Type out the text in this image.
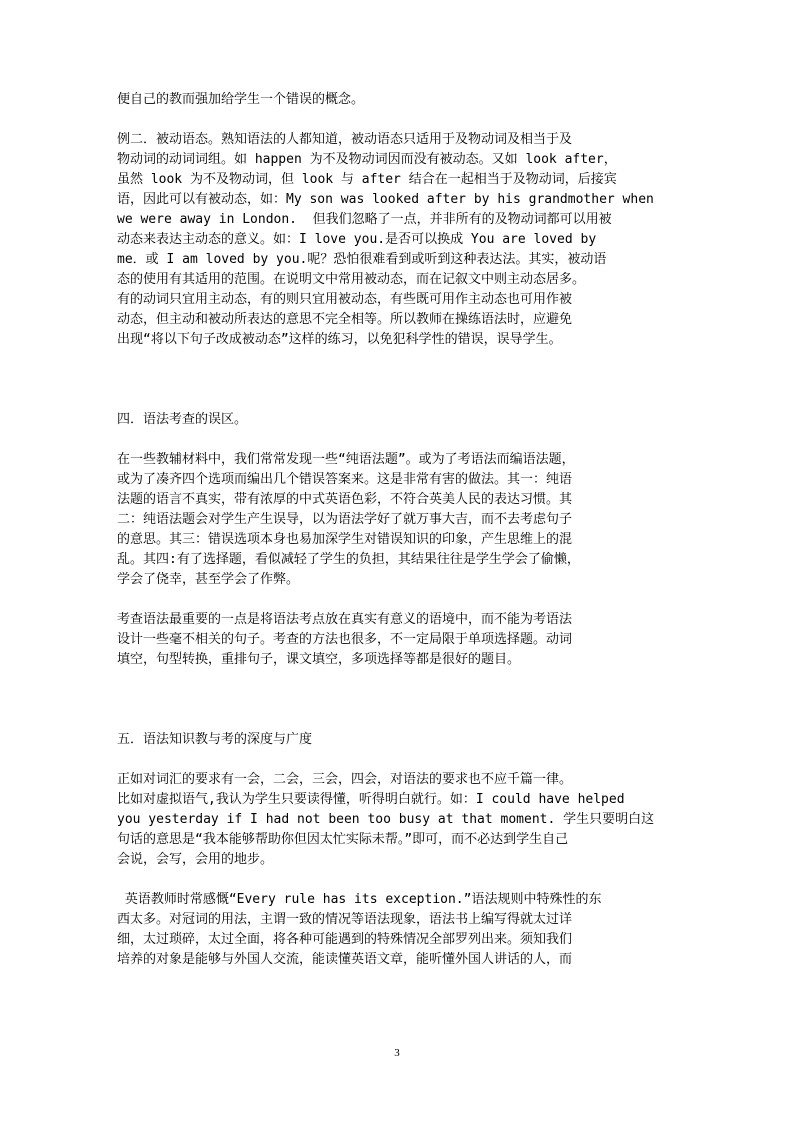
便自己的教而强加给学生一个错误的概念。

例二．被动语态。熟知语法的人都知道，被动语态只适用于及物动词及相当于及

物动词的动词词组。如 happen 为不及物动词因而没有被动态。又如 look after，

虽然 look 为不及物动词，但 look 与 after 结合在一起相当于及物动词，后接宾

语，因此可以有被动态，如：My son was looked after by his grandmother when

we were away in London.  但我们忽略了一点，并非所有的及物动词都可以用被

动态来表达主动态的意义。如：I love you.是否可以换成 You are loved by

me．或 I am loved by you.呢？恐怕很难看到或听到这种表达法。其实，被动语

态的使用有其适用的范围。在说明文中常用被动态，而在记叙文中则主动态居多。

有的动词只宜用主动态，有的则只宜用被动态，有些既可用作主动态也可用作被

动态，但主动和被动所表达的意思不完全相等。所以教师在操练语法时，应避免

出现“将以下句子改成被动态”这样的练习，以免犯科学性的错误，误导学生。

四．语法考查的误区。

在一些教辅材料中，我们常常发现一些“纯语法题”。或为了考语法而编语法题，

或为了凑齐四个选项而编出几个错误答案来。这是非常有害的做法。其一：纯语

法题的语言不真实，带有浓厚的中式英语色彩，不符合英美人民的表达习惯。其

二：纯语法题会对学生产生误导，以为语法学好了就万事大吉，而不去考虑句子

的意思。其三：错误选项本身也易加深学生对错误知识的印象，产生思维上的混

乱。其四:有了选择题，看似减轻了学生的负担，其结果往往是学生学会了偷懒，

学会了侥幸，甚至学会了作弊。

考查语法最重要的一点是将语法考点放在真实有意义的语境中，而不能为考语法

设计一些毫不相关的句子。考查的方法也很多，不一定局限于单项选择题。动词

填空，句型转换，重排句子，课文填空，多项选择等都是很好的题目。

五．语法知识教与考的深度与广度

正如对词汇的要求有一会，二会，三会，四会，对语法的要求也不应千篇一律。

比如对虚拟语气,我认为学生只要读得懂，听得明白就行。如：I could have helped

you yesterday if I had not been too busy at that moment. 学生只要明白这

句话的意思是“我本能够帮助你但因太忙实际未帮。”即可，而不必达到学生自己

会说，会写，会用的地步。

英语教师时常感慨“Every rule has its exception.”语法规则中特殊性的东

西太多。对冠词的用法，主谓一致的情况等语法现象，语法书上编写得就太过详

细，太过琐碎，太过全面，将各种可能遇到的特殊情况全部罗列出来。须知我们

培养的对象是能够与外国人交流，能读懂英语文章，能听懂外国人讲话的人，而

3
